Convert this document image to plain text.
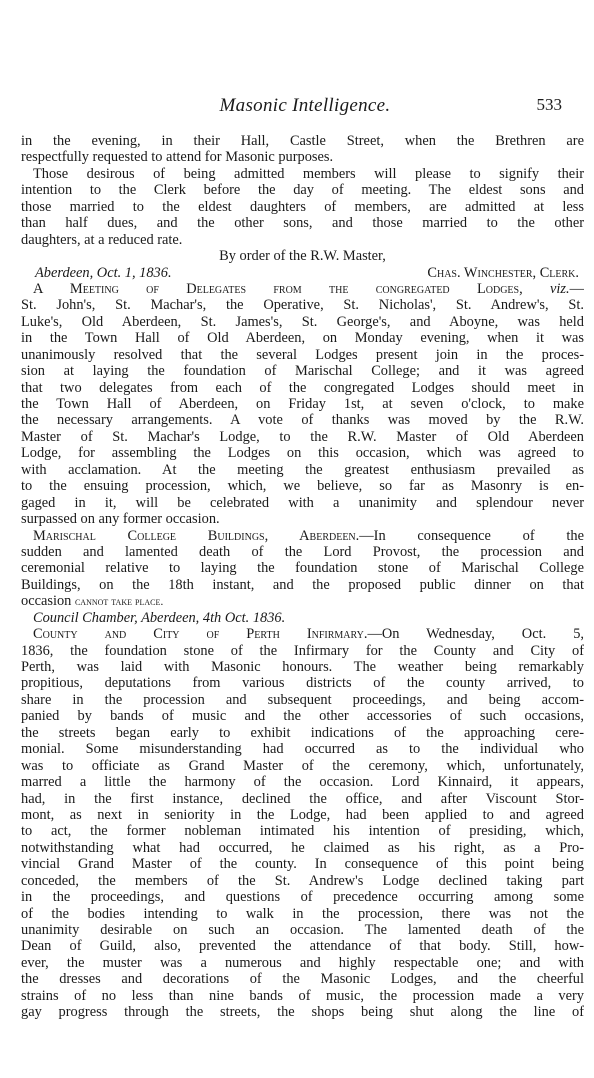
Masonic Intelligence.	533
in the evening, in their Hall, Castle Street, when the Brethren are
respectfully requested to attend for Masonic purposes.
Those desirous of being admitted members will please to signify their
intention to the Clerk before the day of meeting. The eldest sons and
those married to the eldest daughters of members, are admitted at less
than half dues, and the other sons, and those married to the other
daughters, at a reduced rate.
By order of the R.W. Master,
Aberdeen, Oct. 1, 1836.	Chas. Winchester, Clerk.
A Meeting of Delegates from the congregated Lodges, viz.—
St. John's, St. Machar's, the Operative, St. Nicholas', St. Andrew's, St.
Luke's, Old Aberdeen, St. James's, St. George's, and Aboyne, was held
in the Town Hall of Old Aberdeen, on Monday evening, when it was
unanimously resolved that the several Lodges present join in the proces-
sion at laying the foundation of Marischal College; and it was agreed
that two delegates from each of the congregated Lodges should meet in
the Town Hall of Aberdeen, on Friday 1st, at seven o'clock, to make
the necessary arrangements. A vote of thanks was moved by the R.W.
Master of St. Machar's Lodge, to the R.W. Master of Old Aberdeen
Lodge, for assembling the Lodges on this occasion, which was agreed to
with acclamation. At the meeting the greatest enthusiasm prevailed as
to the ensuing procession, which, we believe, so far as Masonry is en-
gaged in it, will be celebrated with a unanimity and splendour never
surpassed on any former occasion.
Marischal College Buildings, Aberdeen.—In consequence of the
sudden and lamented death of the Lord Provost, the procession and
ceremonial relative to laying the foundation stone of Marischal College
Buildings, on the 18th instant, and the proposed public dinner on that
occasion cannot take place.
Council Chamber, Aberdeen, 4th Oct. 1836.
County and City of Perth Infirmary.—On Wednesday, Oct. 5,
1836, the foundation stone of the Infirmary for the County and City of
Perth, was laid with Masonic honours. The weather being remarkably
propitious, deputations from various districts of the county arrived, to
share in the procession and subsequent proceedings, and being accom-
panied by bands of music and the other accessories of such occasions,
the streets began early to exhibit indications of the approaching cere-
monial. Some misunderstanding had occurred as to the individual who
was to officiate as Grand Master of the ceremony, which, unfortunately,
marred a little the harmony of the occasion. Lord Kinnaird, it appears,
had, in the first instance, declined the office, and after Viscount Stor-
mont, as next in seniority in the Lodge, had been applied to and agreed
to act, the former nobleman intimated his intention of presiding, which,
notwithstanding what had occurred, he claimed as his right, as a Pro-
vincial Grand Master of the county. In consequence of this point being
conceded, the members of the St. Andrew's Lodge declined taking part
in the proceedings, and questions of precedence occurring among some
of the bodies intending to walk in the procession, there was not the
unanimity desirable on such an occasion. The lamented death of the
Dean of Guild, also, prevented the attendance of that body. Still, how-
ever, the muster was a numerous and highly respectable one; and with
the dresses and decorations of the Masonic Lodges, and the cheerful
strains of no less than nine bands of music, the procession made a very
gay progress through the streets, the shops being shut along the line of
